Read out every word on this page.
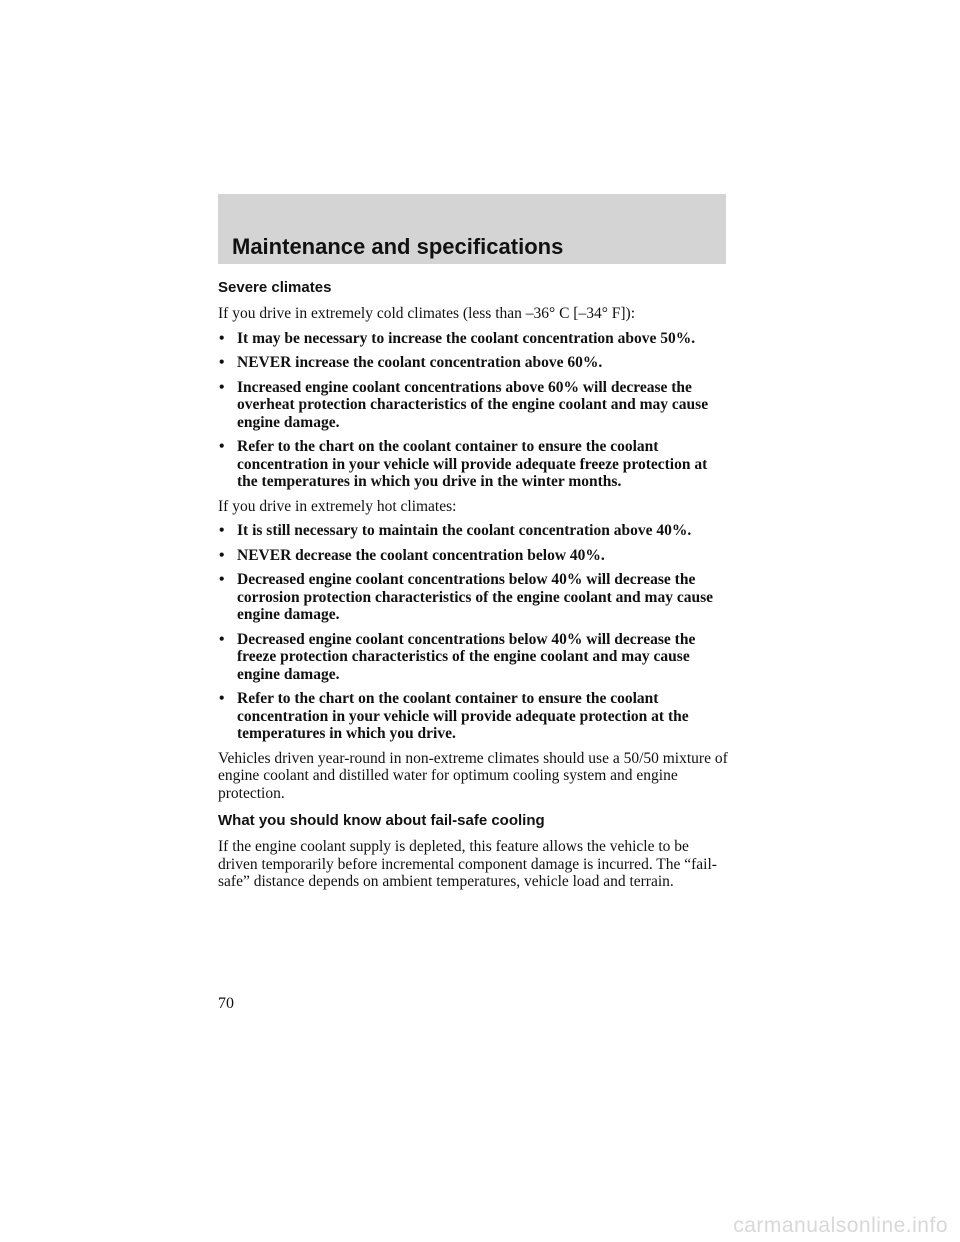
Maintenance and specifications
Severe climates

If you drive in extremely cold climates (less than –36° C [–34° F]):

• It may be necessary to increase the coolant concentration above 50%.
• NEVER increase the coolant concentration above 60%.
• Increased engine coolant concentrations above 60% will decrease the overheat protection characteristics of the engine coolant and may cause engine damage.
• Refer to the chart on the coolant container to ensure the coolant concentration in your vehicle will provide adequate freeze protection at the temperatures in which you drive in the winter months.

If you drive in extremely hot climates:

• It is still necessary to maintain the coolant concentration above 40%.
• NEVER decrease the coolant concentration below 40%.
• Decreased engine coolant concentrations below 40% will decrease the corrosion protection characteristics of the engine coolant and may cause engine damage.
• Decreased engine coolant concentrations below 40% will decrease the freeze protection characteristics of the engine coolant and may cause engine damage.
• Refer to the chart on the coolant container to ensure the coolant concentration in your vehicle will provide adequate protection at the temperatures in which you drive.

Vehicles driven year-round in non-extreme climates should use a 50/50 mixture of engine coolant and distilled water for optimum cooling system and engine protection.

What you should know about fail-safe cooling

If the engine coolant supply is depleted, this feature allows the vehicle to be driven temporarily before incremental component damage is incurred. The “fail-safe” distance depends on ambient temperatures, vehicle load and terrain.

70
carmanualsonline.info
